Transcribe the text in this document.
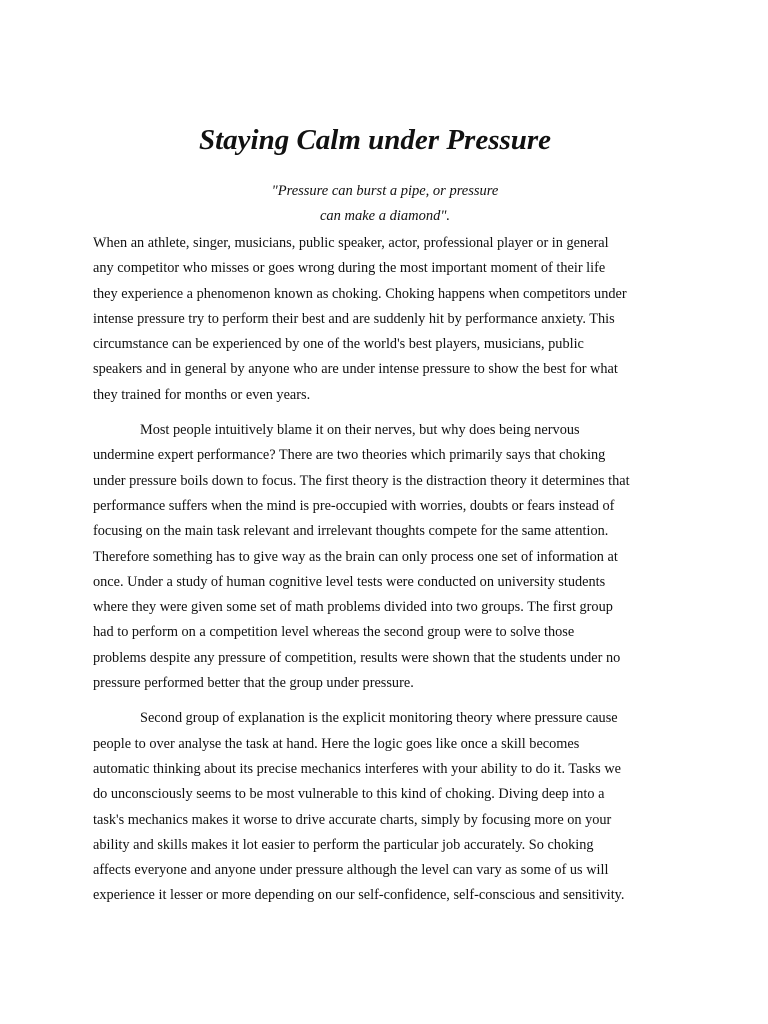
Staying Calm under Pressure

"Pressure can burst a pipe, or pressure
can make a diamond".

When an athlete, singer, musicians, public speaker, actor, professional player or in general
any competitor who misses or goes wrong during the most important moment of their life
they experience a phenomenon known as choking. Choking happens when competitors under
intense pressure try to perform their best and are suddenly hit by performance anxiety. This
circumstance can be experienced by one of the world's best players, musicians, public
speakers and in general by anyone who are under intense pressure to show the best for what
they trained for months or even years.

Most people intuitively blame it on their nerves, but why does being nervous
undermine expert performance? There are two theories which primarily says that choking
under pressure boils down to focus. The first theory is the distraction theory it determines that
performance suffers when the mind is pre-occupied with worries, doubts or fears instead of
focusing on the main task relevant and irrelevant thoughts compete for the same attention.
Therefore something has to give way as the brain can only process one set of information at
once. Under a study of human cognitive level tests were conducted on university students
where they were given some set of math problems divided into two groups. The first group
had to perform on a competition level whereas the second group were to solve those
problems despite any pressure of competition, results were shown that the students under no
pressure performed better that the group under pressure.

Second group of explanation is the explicit monitoring theory where pressure cause
people to over analyse the task at hand. Here the logic goes like once a skill becomes
automatic thinking about its precise mechanics interferes with your ability to do it. Tasks we
do unconsciously seems to be most vulnerable to this kind of choking. Diving deep into a
task's mechanics makes it worse to drive accurate charts, simply by focusing more on your
ability and skills makes it lot easier to perform the particular job accurately. So choking
affects everyone and anyone under pressure although the level can vary as some of us will
experience it lesser or more depending on our self-confidence, self-conscious and sensitivity.
